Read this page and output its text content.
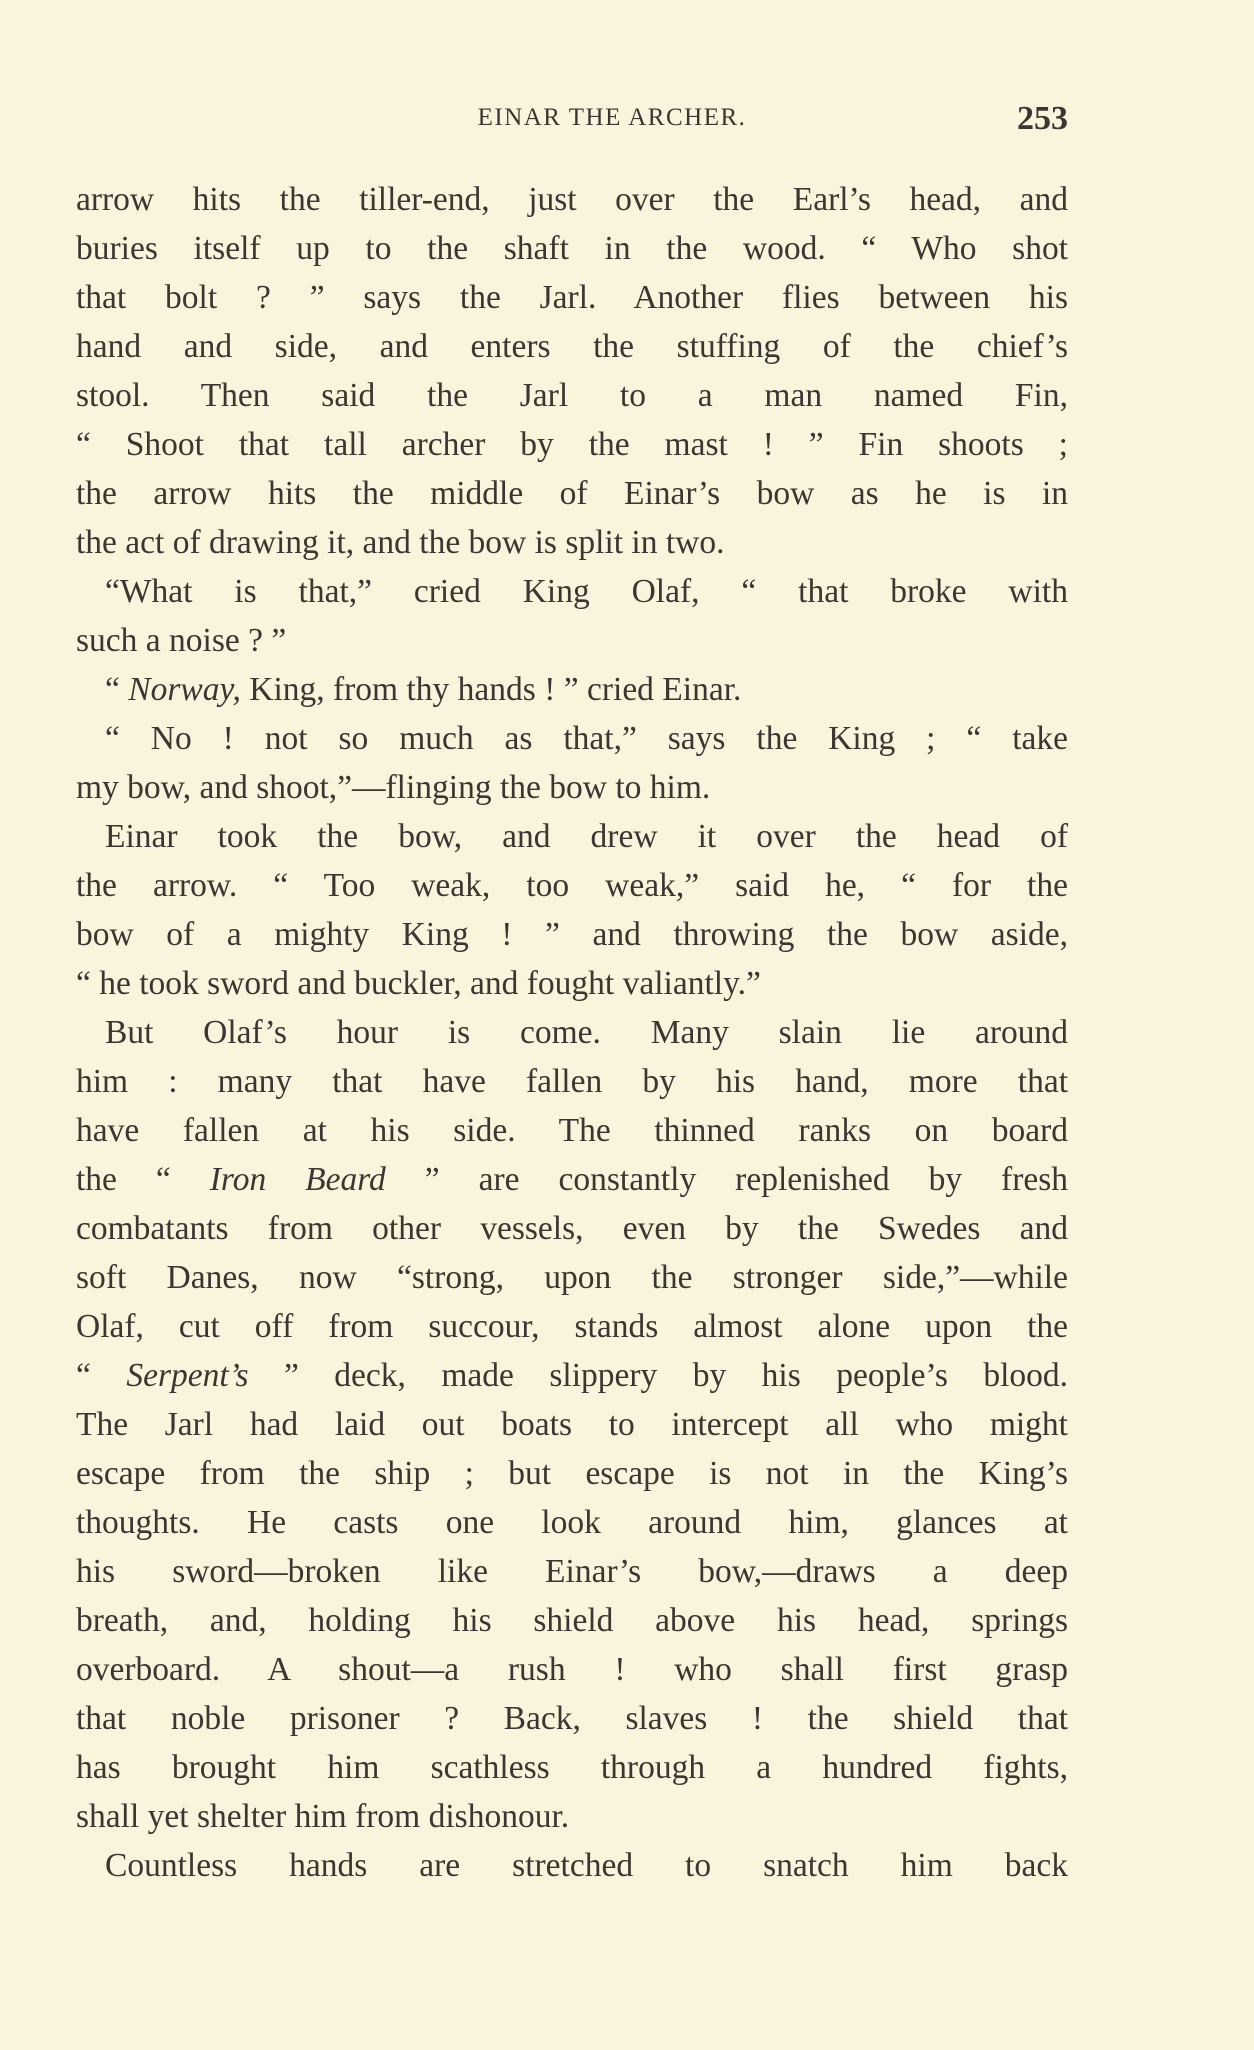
EINAR THE ARCHER.	253
arrow hits the tiller-end, just over the Earl’s head, and
buries itself up to the shaft in the wood. “ Who shot
that bolt ? ” says the Jarl. Another flies between his
hand and side, and enters the stuffing of the chief’s
stool. Then said the Jarl to a man named Fin,
“ Shoot that tall archer by the mast ! ” Fin shoots ;
the arrow hits the middle of Einar’s bow as he is in
the act of drawing it, and the bow is split in two.
“What is that,” cried King Olaf, “ that broke with
such a noise ? ”
“ Norway, King, from thy hands ! ” cried Einar.
“ No ! not so much as that,” says the King ; “ take
my bow, and shoot,”—flinging the bow to him.
Einar took the bow, and drew it over the head of
the arrow. “ Too weak, too weak,” said he, “ for the
bow of a mighty King ! ” and throwing the bow aside,
“ he took sword and buckler, and fought valiantly.”
But Olaf’s hour is come. Many slain lie around
him : many that have fallen by his hand, more that
have fallen at his side. The thinned ranks on board
the “ Iron Beard ” are constantly replenished by fresh
combatants from other vessels, even by the Swedes and
soft Danes, now “strong, upon the stronger side,”—while
Olaf, cut off from succour, stands almost alone upon the
“ Serpent’s ” deck, made slippery by his people’s blood.
The Jarl had laid out boats to intercept all who might
escape from the ship ; but escape is not in the King’s
thoughts. He casts one look around him, glances at
his sword—broken like Einar’s bow,—draws a deep
breath, and, holding his shield above his head, springs
overboard. A shout—a rush ! who shall first grasp
that noble prisoner ? Back, slaves ! the shield that
has brought him scathless through a hundred fights,
shall yet shelter him from dishonour.
Countless hands are stretched to snatch him back
